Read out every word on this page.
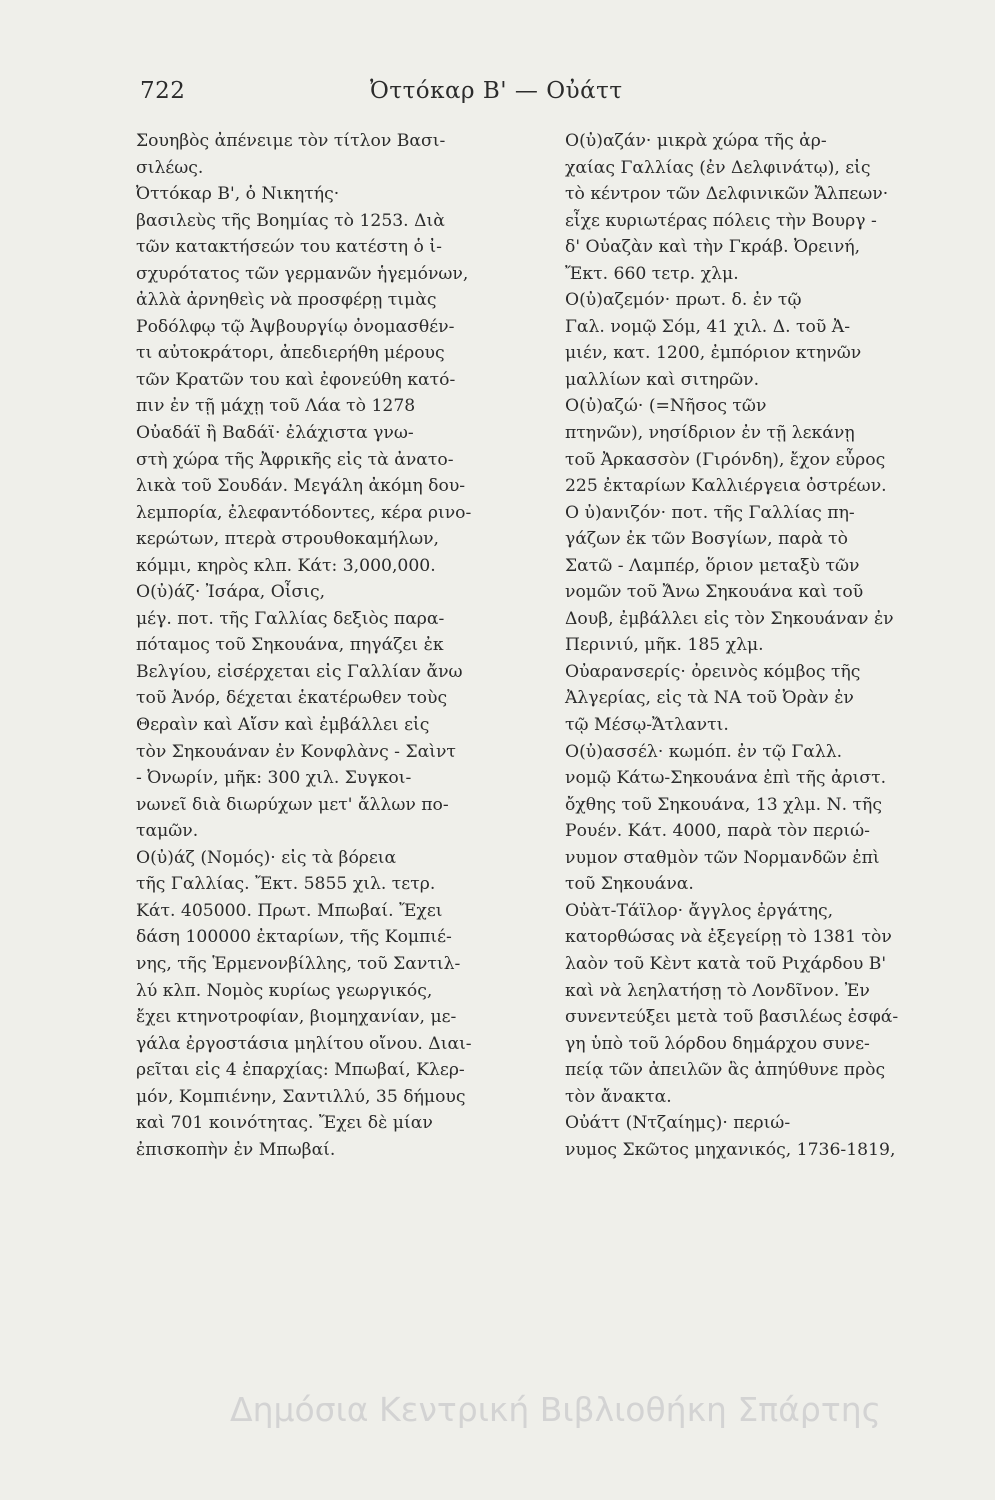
722	Ὀττόκαρ Β' — Οὐάττ
Σουηβὸς ἀπένειμε τὸν τίτλον Βασι-
σιλέως.
Ὀττόκαρ Β', ὁ Νικητής·
βασιλεὺς τῆς Βοημίας τὸ 1253. Διὰ
τῶν κατακτήσεών του κατέστη ὁ ἰ-
σχυρότατος τῶν γερμανῶν ἡγεμόνων,
ἀλλὰ ἀρνηθεὶς νὰ προσφέρῃ τιμὰς
Ροδόλφῳ τῷ Ἀψβουργίῳ ὀνομασθέν-
τι αὐτοκράτορι, ἀπεδιερήθη μέρους
τῶν Κρατῶν του καὶ ἐφονεύθη κατό-
πιν ἐν τῇ μάχῃ τοῦ Λάα τὸ 1278
Οὐαδάϊ ἢ Βαδάϊ· ἐλάχιστα γνω-
στὴ χώρα τῆς Ἀφρικῆς εἰς τὰ ἀνατο-
λικὰ τοῦ Σουδάν. Μεγάλη ἀκόμη δου-
λεμπορία, ἐλεφαντόδοντες, κέρα ρινο-
κερώτων, πτερὰ στρουθοκαμήλων,
κόμμι, κηρὸς κλπ. Κάτ: 3,000,000.
Ο(ὐ)άζ· Ἰσάρα, Οἶσις,
μέγ. ποτ. τῆς Γαλλίας δεξιὸς παρα-
πόταμος τοῦ Σηκουάνα, πηγάζει ἐκ
Βελγίου, εἰσέρχεται εἰς Γαλλίαν ἄνω
τοῦ Ἀνόρ, δέχεται ἑκατέρωθεν τοὺς
Θεραὶν καὶ Αἴσν καὶ ἐμβάλλει εἰς
τὸν Σηκουάναν ἐν Κονφλὰνς - Σαὶντ
- Ὀνωρίν, μῆκ: 300 χιλ. Συγκοι-
νωνεῖ διὰ διωρύχων μετ' ἄλλων πο-
ταμῶν.
Ο(ὐ)άζ (Νομός)· εἰς τὰ βόρεια
τῆς Γαλλίας. Ἔκτ. 5855 χιλ. τετρ.
Κάτ. 405000. Πρωτ. Μπωβαί. Ἔχει
δάση 100000 ἐκταρίων, τῆς Κομπιέ-
νης, τῆς Ἑρμενονβίλλης, τοῦ Σαντιλ-
λύ κλπ. Νομὸς κυρίως γεωργικός,
ἔχει κτηνοτροφίαν, βιομηχανίαν, με-
γάλα ἐργοστάσια μηλίτου οἴνου. Διαι-
ρεῖται εἰς 4 ἐπαρχίας: Μπωβαί, Κλερ-
μόν, Κομπιένην, Σαντιλλύ, 35 δήμους
καὶ 701 κοινότητας. Ἔχει δὲ μίαν
ἐπισκοπὴν ἐν Μπωβαί.
Ο(ὐ)αζάν· μικρὰ χώρα τῆς ἀρ-
χαίας Γαλλίας (ἐν Δελφινάτῳ), εἰς
τὸ κέντρον τῶν Δελφινικῶν Ἄλπεων·
εἶχε κυριωτέρας πόλεις τὴν Βουργ -
δ' Οὐαζὰν καὶ τὴν Γκράβ. Ὀρεινή,
Ἔκτ. 660 τετρ. χλμ.
Ο(ὐ)αζεμόν· πρωτ. δ. ἐν τῷ
Γαλ. νομῷ Σόμ, 41 χιλ. Δ. τοῦ Ἀ-
μιέν, κατ. 1200, ἐμπόριον κτηνῶν
μαλλίων καὶ σιτηρῶν.
Ο(ὐ)αζώ· (=Νῆσος τῶν
πτηνῶν), νησίδριον ἐν τῇ λεκάνῃ
τοῦ Ἀρκασσὸν (Γιρόνδη), ἔχον εὖρος
225 ἐκταρίων Καλλιέργεια ὀστρέων.
Ο ὐ)ανιζόν· ποτ. τῆς Γαλλίας πη-
γάζων ἐκ τῶν Βοσγίων, παρὰ τὸ
Σατῶ - Λαμπέρ, ὅριον μεταξὺ τῶν
νομῶν τοῦ Ἄνω Σηκουάνα καὶ τοῦ
Δουβ, ἐμβάλλει εἰς τὸν Σηκουάναν ἐν
Περινιύ, μῆκ. 185 χλμ.
Οὐαρανσερίς· ὀρεινὸς κόμβος τῆς
Ἀλγερίας, εἰς τὰ ΝΑ τοῦ Ὀρὰν ἐν
τῷ Μέσῳ-Ἄτλαντι.
Ο(ὐ)ασσέλ· κωμόπ. ἐν τῷ Γαλλ.
νομῷ Κάτω-Σηκουάνα ἐπὶ τῆς ἀριστ.
ὄχθης τοῦ Σηκουάνα, 13 χλμ. Ν. τῆς
Ρουέν. Κάτ. 4000, παρὰ τὸν περιώ-
νυμον σταθμὸν τῶν Νορμανδῶν ἐπὶ
τοῦ Σηκουάνα.
Οὐὰτ-Τάϊλορ· ἄγγλος ἐργάτης,
κατορθώσας νὰ ἐξεγείρῃ τὸ 1381 τὸν
λαὸν τοῦ Κὲντ κατὰ τοῦ Ριχάρδου Β'
καὶ νὰ λεηλατήσῃ τὸ Λονδῖνον. Ἐν
συνεντεύξει μετὰ τοῦ βασιλέως ἐσφά-
γη ὑπὸ τοῦ λόρδου δημάρχου συνε-
πείᾳ τῶν ἀπειλῶν ἃς ἀπηύθυνε πρὸς
τὸν ἄνακτα.
Οὐάττ (Ντζαίημς)· περιώ-
νυμος Σκῶτος μηχανικός, 1736-1819,
Δημόσια Κεντρική Βιβλιοθήκη Σπάρτης
